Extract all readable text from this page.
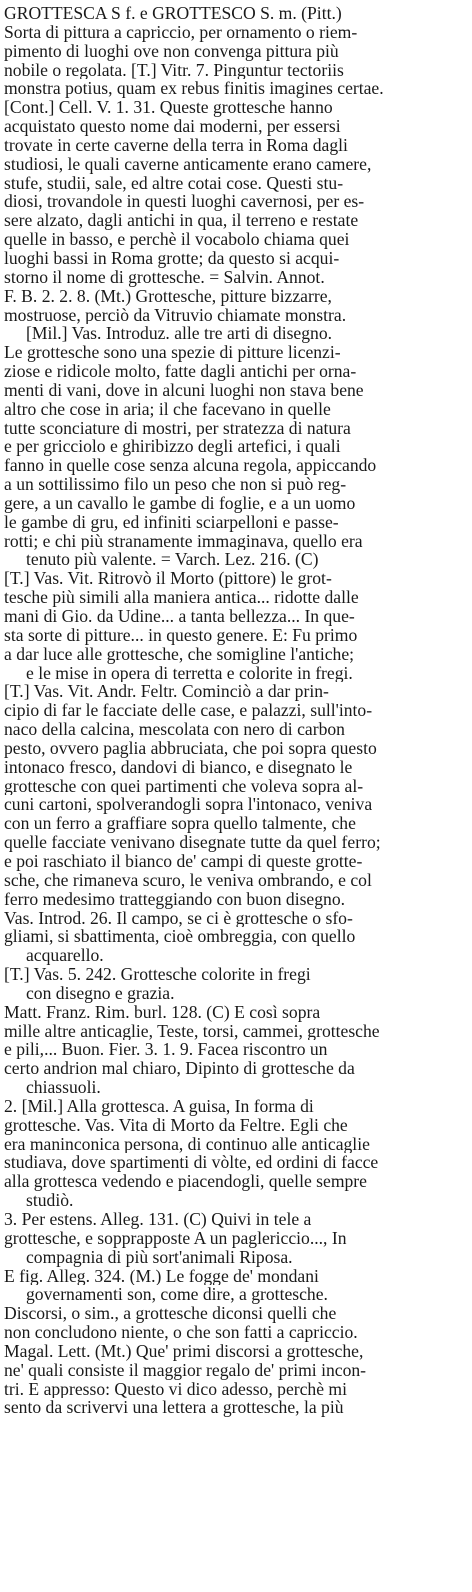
GROTTESCA S f. e GROTTESCO S. m. (Pitt.)
Sorta di pittura a capriccio, per ornamento o riem-
pimento di luoghi ove non convenga pittura più
nobile o regolata. [T.] Vitr. 7. Pinguntur tectoriis
monstra potius, quam ex rebus finitis imagines certae.
[Cont.] Cell. V. 1. 31. Queste grottesche hanno
acquistato questo nome dai moderni, per essersi
trovate in certe caverne della terra in Roma dagli
studiosi, le quali caverne anticamente erano camere,
stufe, studii, sale, ed altre cotai cose. Questi stu-
diosi, trovandole in questi luoghi cavernosi, per es-
sere alzato, dagli antichi in qua, il terreno e restate
quelle in basso, e perchè il vocabolo chiama quei
luoghi bassi in Roma grotte; da questo si acqui-
storno il nome di grottesche. = Salvin. Annot.
F. B. 2. 2. 8. (Mt.) Grottesche, pitture bizzarre,
mostruose, perciò da Vitruvio chiamate monstra.
[Mil.] Vas. Introduz. alle tre arti di disegno.
Le grottesche sono una spezie di pitture licenzi-
ziose e ridicole molto, fatte dagli antichi per orna-
menti di vani, dove in alcuni luoghi non stava bene
altro che cose in aria; il che facevano in quelle
tutte sconciature di mostri, per stratezza di natura
e per gricciolo e ghiribizzo degli artefici, i quali
fanno in quelle cose senza alcuna regola, appiccando
a un sottilissimo filo un peso che non si può reg-
gere, a un cavallo le gambe di foglie, e a un uomo
le gambe di gru, ed infiniti sciarpelloni e passe-
rotti; e chi più stranamente immaginava, quello era
tenuto più valente. = Varch. Lez. 216. (C)
[T.] Vas. Vit. Ritrovò il Morto (pittore) le grot-
tesche più simili alla maniera antica... ridotte dalle
mani di Gio. da Udine... a tanta bellezza... In que-
sta sorte di pitture... in questo genere. E: Fu primo
a dar luce alle grottesche, che somigline l'antiche;
e le mise in opera di terretta e colorite in fregi.
[T.] Vas. Vit. Andr. Feltr. Cominciò a dar prin-
cipio di far le facciate delle case, e palazzi, sull'into-
naco della calcina, mescolata con nero di carbon
pesto, ovvero paglia abbruciata, che poi sopra questo
intonaco fresco, dandovi di bianco, e disegnato le
grottesche con quei partimenti che voleva sopra al-
cuni cartoni, spolverandogli sopra l'intonaco, veniva
con un ferro a graffiare sopra quello talmente, che
quelle facciate venivano disegnate tutte da quel ferro;
e poi raschiato il bianco de' campi di queste grotte-
sche, che rimaneva scuro, le veniva ombrando, e col
ferro medesimo tratteggiando con buon disegno.
Vas. Introd. 26. Il campo, se ci è grottesche o sfo-
gliami, si sbattimenta, cioè ombreggia, con quello
acquarello.
[T.] Vas. 5. 242. Grottesche colorite in fregi
con disegno e grazia.
Matt. Franz. Rim. burl. 128. (C) E così sopra
mille altre anticaglie, Teste, torsi, cammei, grottesche
e pili,... Buon. Fier. 3. 1. 9. Facea riscontro un
certo andrion mal chiaro, Dipinto di grottesche da
chiassuoli.
2. [Mil.] Alla grottesca. A guisa, In forma di
grottesche. Vas. Vita di Morto da Feltre. Egli che
era maninconica persona, di continuo alle anticaglie
studiava, dove spartimenti di vòlte, ed ordini di facce
alla grottesca vedendo e piacendogli, quelle sempre
studiò.
3. Per estens. Alleg. 131. (C) Quivi in tele a
grottesche, e sopprapposte A un paglericcio..., In
compagnia di più sort'animali Riposa.
E fig. Alleg. 324. (M.) Le fogge de' mondani
governamenti son, come dire, a grottesche.
Discorsi, o sim., a grottesche diconsi quelli che
non concludono niente, o che son fatti a capriccio.
Magal. Lett. (Mt.) Que' primi discorsi a grottesche,
ne' quali consiste il maggior regalo de' primi incon-
tri. E appresso: Questo vi dico adesso, perchè mi
sento da scrivervi una lettera a grottesche, la più
